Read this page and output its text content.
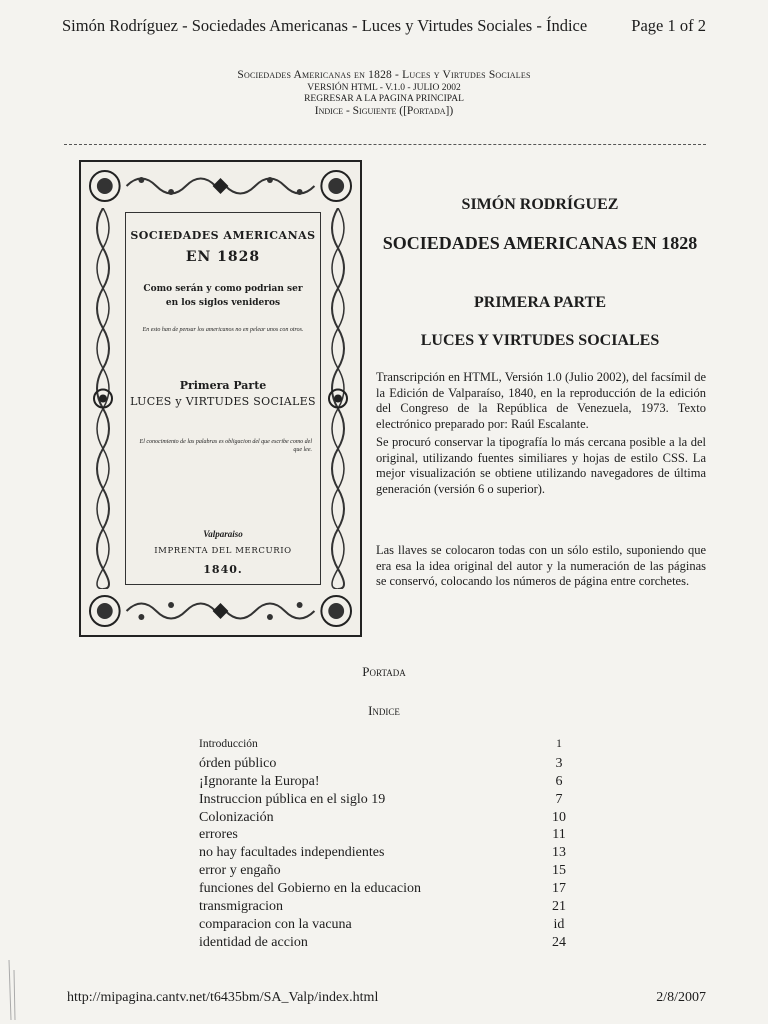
Simón Rodríguez - Sociedades Americanas - Luces y Virtudes Sociales - Índice	Page 1 of 2
Sociedades Americanas en 1828 - Luces y Virtudes Sociales
VERSIÓN HTML - V.1.0 - JULIO 2002
REGRESAR A LA PAGINA PRINCIPAL
Indice - Siguiente ([Portada])
SOCIEDADES AMERICANAS
EN 1828
Como serán y como podrian ser
en los siglos venideros
En esto han de pensar los americanos no en pelear unos con otros.
Primera Parte
LUCES y VIRTUDES SOCIALES
El conocimiento de las palabras es obligacion del que escribe como del que lee.
Valparaiso
IMPRENTA DEL MERCURIO
1840.
SIMÓN RODRÍGUEZ
SOCIEDADES AMERICANAS EN 1828
PRIMERA PARTE
LUCES Y VIRTUDES SOCIALES
Transcripción en HTML, Versión 1.0 (Julio 2002), del facsímil de la Edición de Valparaíso, 1840, en la reproducción de la edición del Congreso de la República de Venezuela, 1973. Texto electrónico preparado por: Raúl Escalante.
Se procuró conservar la tipografía lo más cercana posible a la del original, utilizando fuentes similiares y hojas de estilo CSS. La mejor visualización se obtiene utilizando navegadores de última generación (versión 6 o superior).
Las llaves se colocaron todas con un sólo estilo, suponiendo que era esa la idea original del autor y la numeración de las páginas se conservó, colocando los números de página entre corchetes.
Portada
Indice
Introducción	1
órden público	3
¡Ignorante la Europa!	6
Instruccion pública en el siglo 19	7
Colonización	10
errores	11
no hay facultades independientes	13
error y engaño	15
funciones del Gobierno en la educacion	17
transmigracion	21
comparacion con la vacuna	id
identidad de accion	24
http://mipagina.cantv.net/t6435bm/SA_Valp/index.html	2/8/2007
